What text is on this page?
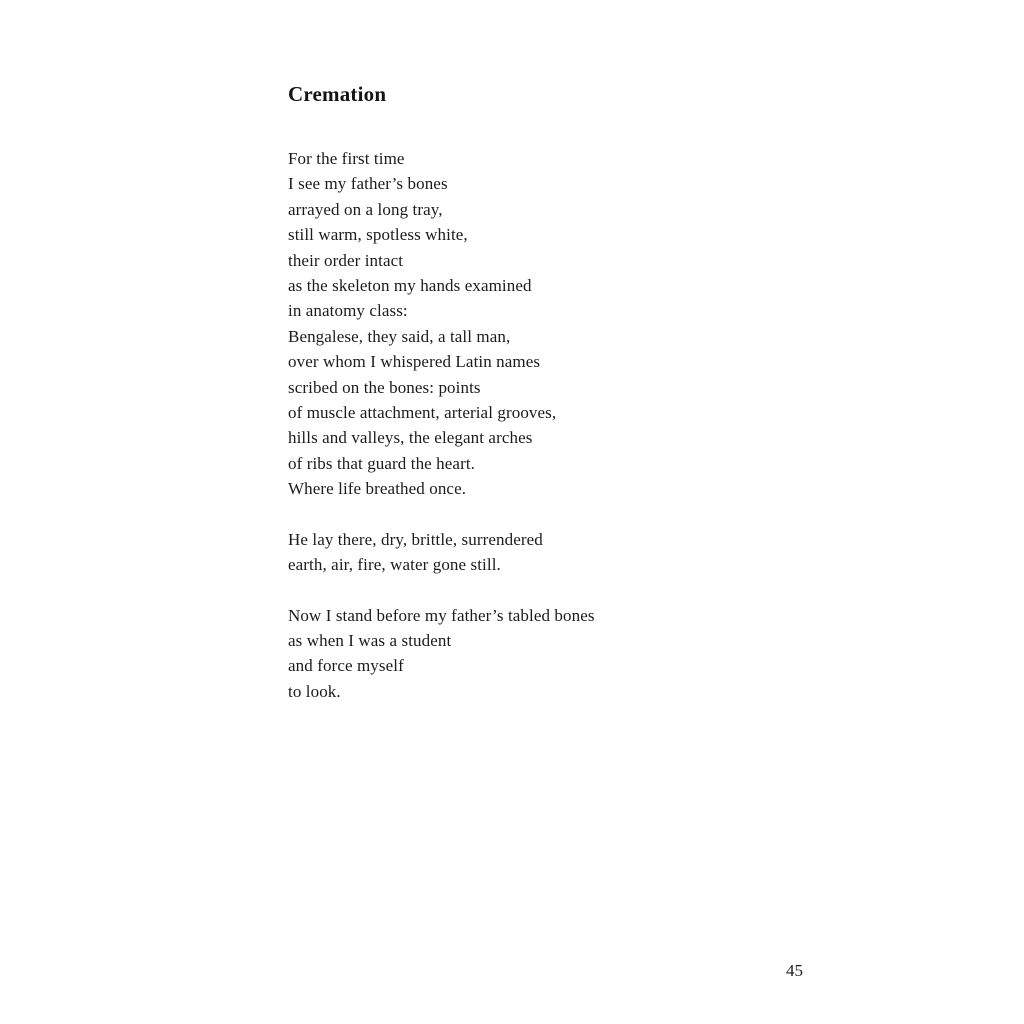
Cremation
For the first time
I see my father’s bones
arrayed on a long tray,
still warm, spotless white,
their order intact
as the skeleton my hands examined
in anatomy class:
Bengalese, they said, a tall man,
over whom I whispered Latin names
scribed on the bones: points
of muscle attachment, arterial grooves,
hills and valleys, the elegant arches
of ribs that guard the heart.
Where life breathed once.
He lay there, dry, brittle, surrendered
earth, air, fire, water gone still.
Now I stand before my father’s tabled bones
as when I was a student
and force myself
to look.
45
